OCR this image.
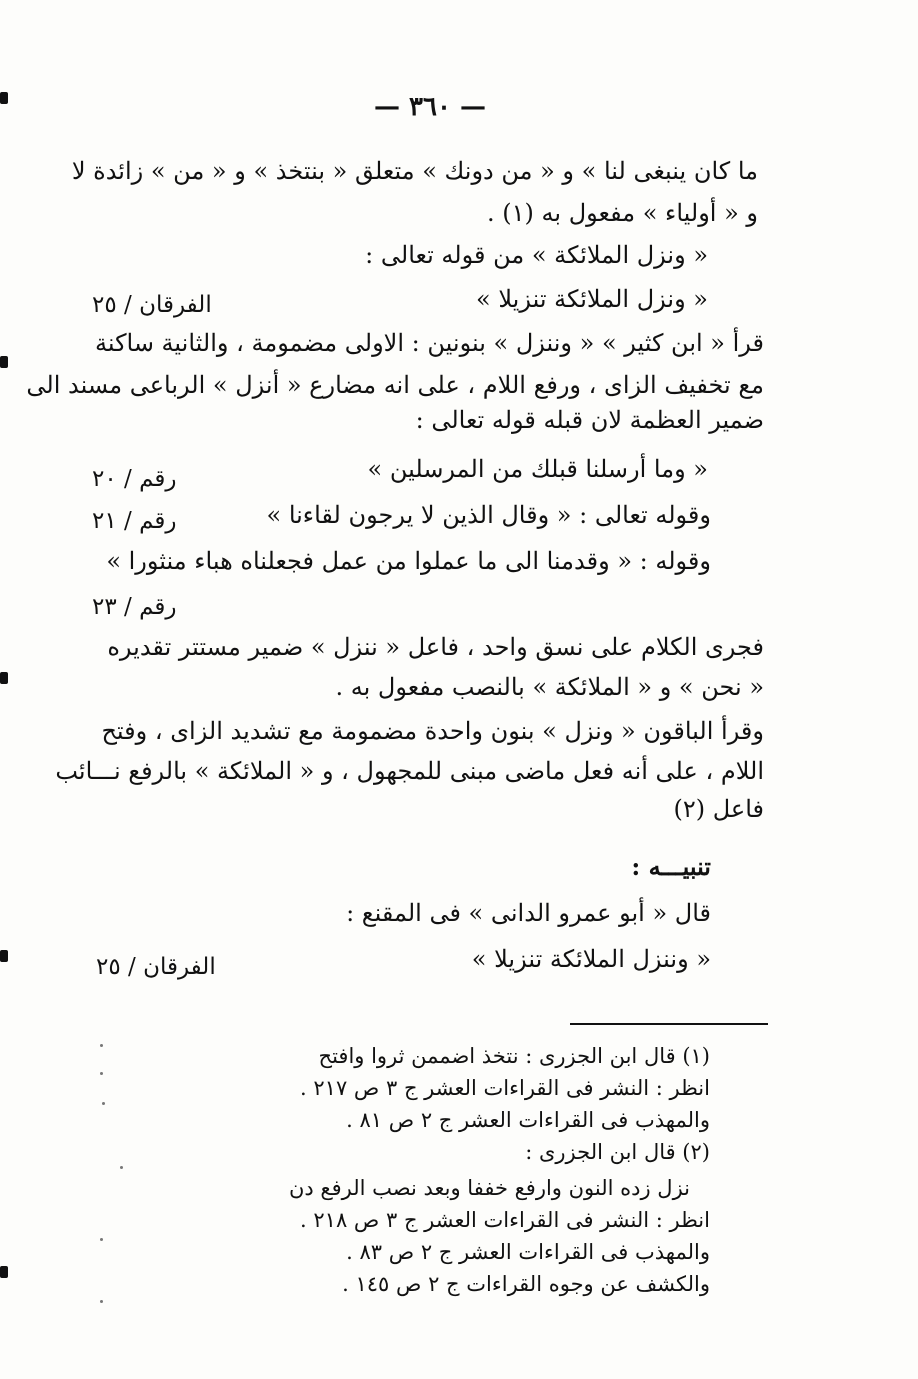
— ٣٦٠ —
ما كان ينبغى لنا » و « من دونك » متعلق « بنتخذ » و « من » زائدة لا
و « أولياء » مفعول به (١) .
« ونزل الملائكة » من قوله تعالى :
« ونزل الملائكة تنزيلا »
الفرقان / ٢٥
قرأ « ابن كثير » « وننزل » بنونين : الاولى مضمومة ، والثانية ساكنة
مع تخفيف الزاى ، ورفع اللام ، على انه مضارع « أنزل » الرباعى مسند الى
ضمير العظمة لان قبله قوله تعالى :
« وما أرسلنا قبلك من المرسلين »
رقم / ٢٠
وقوله تعالى : « وقال الذين لا يرجون لقاءنا »
رقم / ٢١
وقوله : « وقدمنا الى ما عملوا من عمل فجعلناه هباء منثورا »
رقم / ٢٣
فجرى الكلام على نسق واحد ، فاعل « ننزل » ضمير مستتر تقديره
« نحن » و « الملائكة » بالنصب مفعول به .
وقرأ الباقون « ونزل » بنون واحدة مضمومة مع تشديد الزاى ، وفتح
اللام ، على أنه فعل ماضى مبنى للمجهول ، و « الملائكة » بالرفع نـــائب
فاعل (٢)
تنبيـــه :
قال « أبو عمرو الدانى » فى المقنع :
« وننزل الملائكة تنزيلا »
الفرقان / ٢٥
(١) قال ابن الجزرى : نتخذ اضممن ثروا وافتح
انظر : النشر فى القراءات العشر ج ٣ ص ٢١٧ .
والمهذب فى القراءات العشر ج ٢ ص ٨١ .
(٢) قال ابن الجزرى :
نزل زده النون وارفع خففا وبعد نصب الرفع دن
انظر : النشر فى القراءات العشر ج ٣ ص ٢١٨ .
والمهذب فى القراءات العشر ج ٢ ص ٨٣ .
والكشف عن وجوه القراءات ج ٢ ص ١٤٥ .
